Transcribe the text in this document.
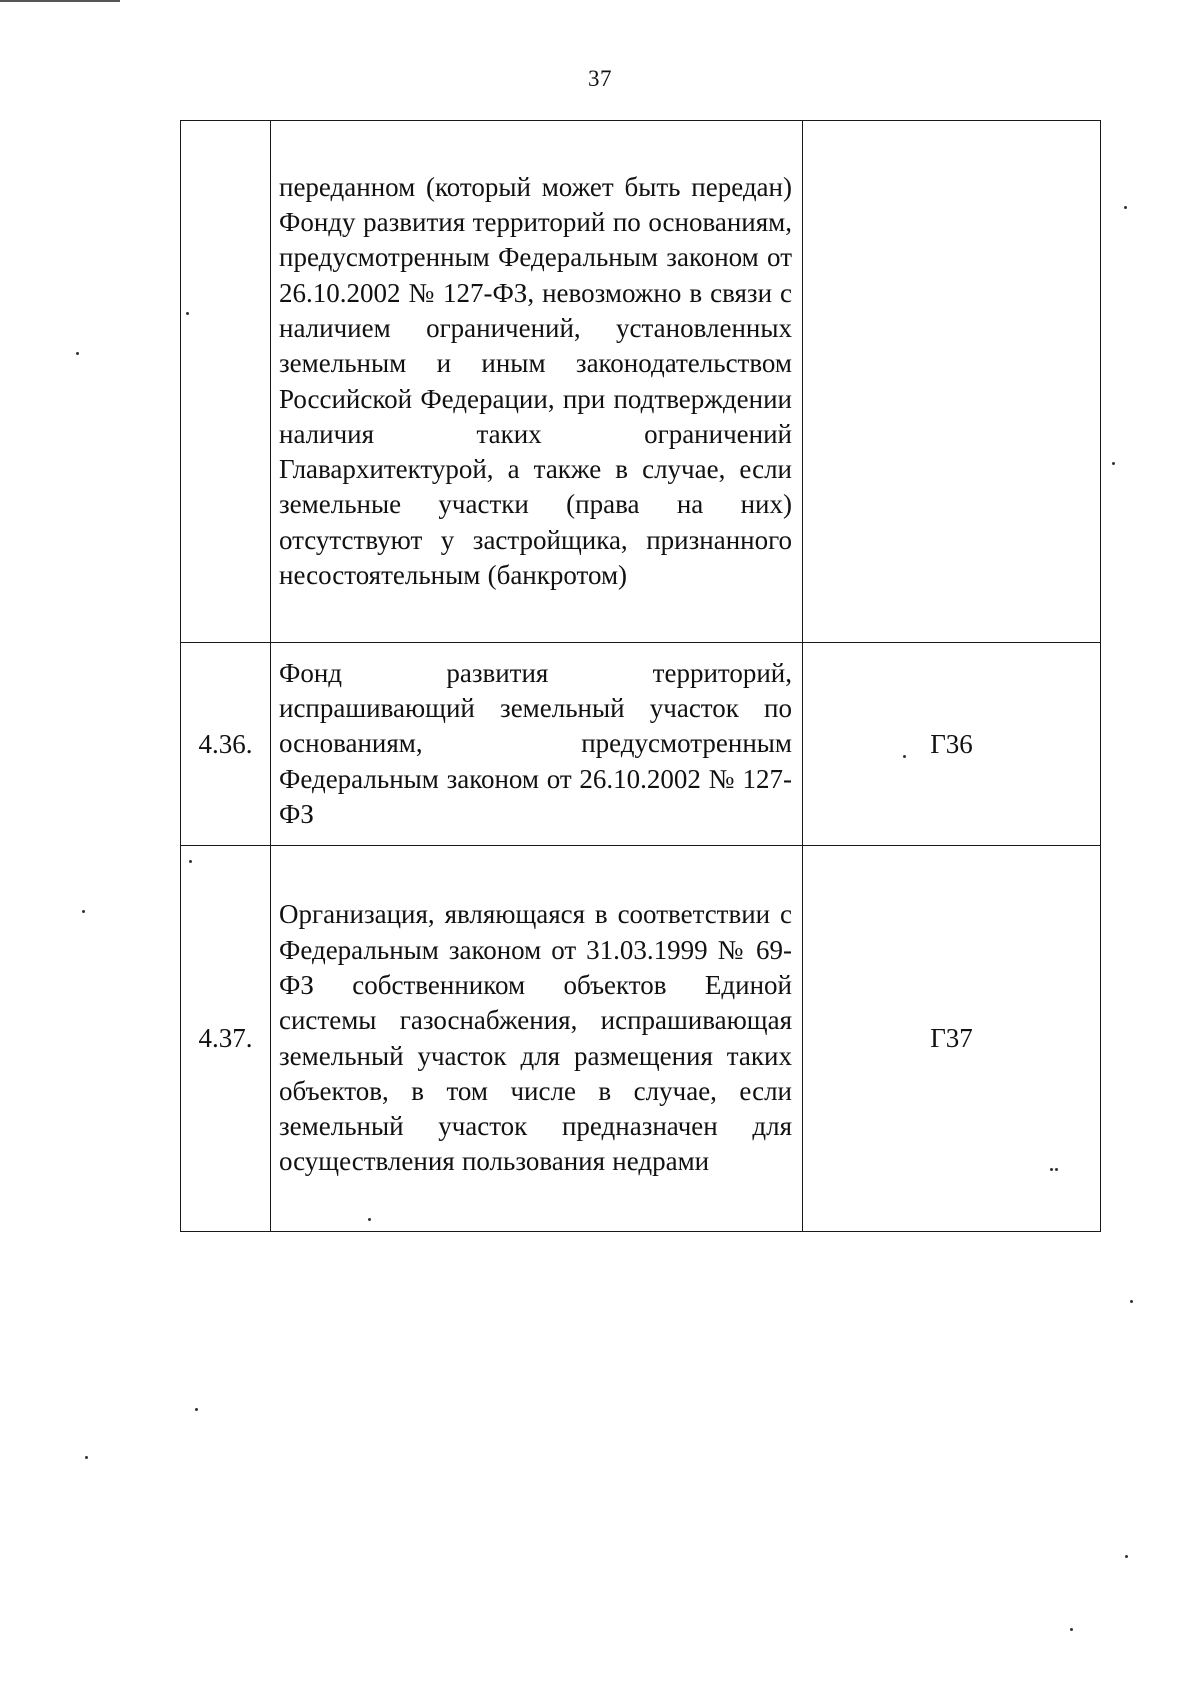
37

	переданном (который может быть передан) Фонду развития территорий по основаниям, предусмотренным Федеральным законом от 26.10.2002 № 127-ФЗ, невозможно в связи с наличием ограничений, установленных земельным и иным законодательством Российской Федерации, при подтверждении наличия таких ограничений Главархитектурой, а также в случае, если земельные участки (права на них) отсутствуют у застройщика, признанного несостоятельным (банкротом)	

4.36.	Фонд развития территорий, испрашивающий земельный участок по основаниям, предусмотренным Федеральным законом от 26.10.2002 № 127-ФЗ	Г36
4.37.	Организация, являющаяся в соответствии с Федеральным законом от 31.03.1999 № 69-ФЗ собственником объектов Единой системы газоснабжения, испрашивающая земельный участок для размещения таких объектов, в том числе в случае, если земельный участок предназначен для осуществления пользования недрами	Г37
